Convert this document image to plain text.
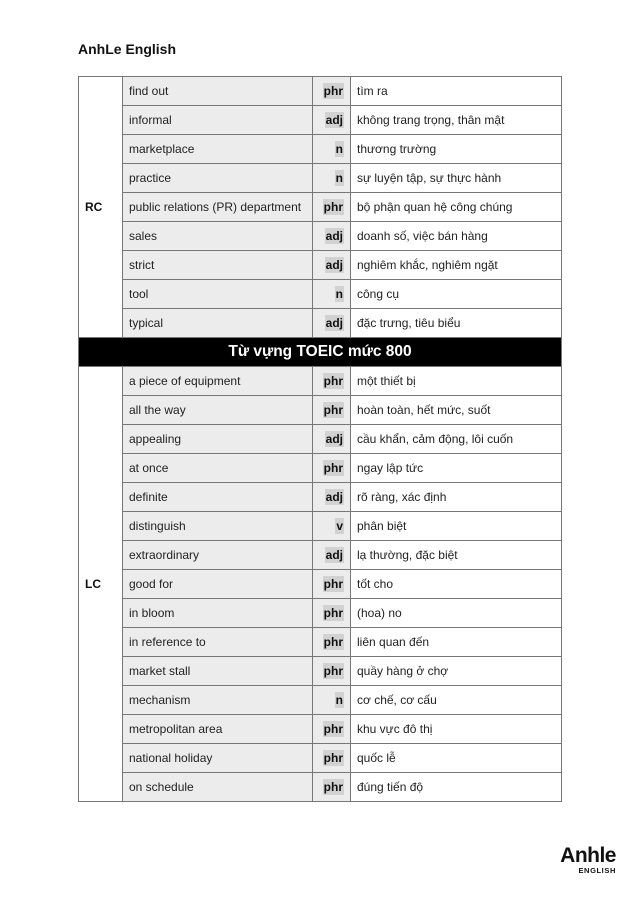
AnhLe English
RC	find out	phr	tìm ra
	informal	adj	không trang trọng, thân mật
	marketplace	n	thương trường
	practice	n	sự luyện tập, sự thực hành
	public relations (PR) department	phr	bộ phận quan hệ công chúng
	sales	adj	doanh số, việc bán hàng
	strict	adj	nghiêm khắc, nghiêm ngặt
	tool	n	công cụ
	typical	adj	đặc trưng, tiêu biểu
Từ vựng TOEIC mức 800			
LC	a piece of equipment	phr	một thiết bị
	all the way	phr	hoàn toàn, hết mức, suốt
	appealing	adj	cầu khẩn, cảm động, lôi cuốn
	at once	phr	ngay lập tức
	definite	adj	rõ ràng, xác định
	distinguish	v	phân biệt
	extraordinary	adj	lạ thường, đặc biệt
	good for	phr	tốt cho
	in bloom	phr	(hoa) no
	in reference to	phr	liên quan đến
	market stall	phr	quầy hàng ở chợ
	mechanism	n	cơ chế, cơ cấu
	metropolitan area	phr	khu vực đô thị
	national holiday	phr	quốc lễ
	on schedule	phr	đúng tiến độ
Anhle
ENGLISH
